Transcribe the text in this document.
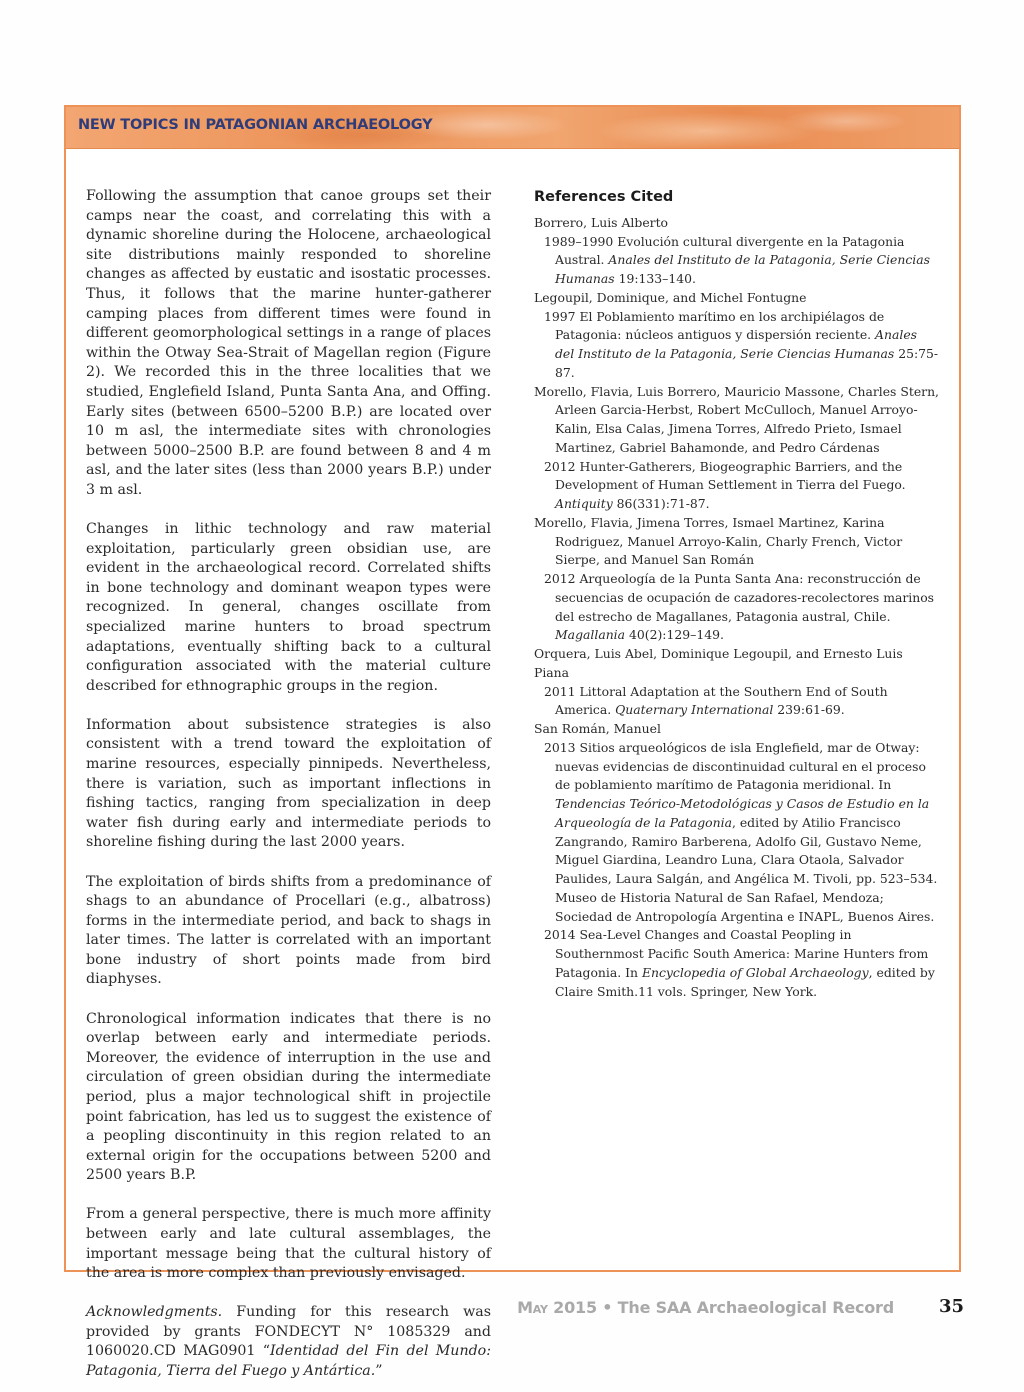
NEW TOPICS IN PATAGONIAN ARCHAEOLOGY

Following the assumption that canoe groups set their camps near the coast, and correlating this with a dynamic shoreline during the Holocene, archaeological site distributions mainly responded to shoreline changes as affected by eustatic and isostatic processes. Thus, it follows that the marine hunter-gatherer camping places from different times were found in different geomorphological settings in a range of places within the Otway Sea-Strait of Magellan region (Figure 2). We recorded this in the three localities that we studied, Englefield Island, Punta Santa Ana, and Offing. Early sites (between 6500–5200 B.P.) are located over 10 m asl, the intermediate sites with chronologies between 5000–2500 B.P. are found between 8 and 4 m asl, and the later sites (less than 2000 years B.P.) under 3 m asl.

Changes in lithic technology and raw material exploitation, particularly green obsidian use, are evident in the archaeological record. Correlated shifts in bone technology and dominant weapon types were recognized. In general, changes oscillate from specialized marine hunters to broad spectrum adaptations, eventually shifting back to a cultural configuration associated with the material culture described for ethnographic groups in the region.

Information about subsistence strategies is also consistent with a trend toward the exploitation of marine resources, especially pinnipeds. Nevertheless, there is variation, such as important inflections in fishing tactics, ranging from specialization in deep water fish during early and intermediate periods to shoreline fishing during the last 2000 years.

The exploitation of birds shifts from a predominance of shags to an abundance of Procellari (e.g., albatross) forms in the intermediate period, and back to shags in later times. The latter is correlated with an important bone industry of short points made from bird diaphyses.

Chronological information indicates that there is no overlap between early and intermediate periods. Moreover, the evidence of interruption in the use and circulation of green obsidian during the intermediate period, plus a major technological shift in projectile point fabrication, has led us to suggest the existence of a peopling discontinuity in this region related to an external origin for the occupations between 5200 and 2500 years B.P.

From a general perspective, there is much more affinity between early and late cultural assemblages, the important message being that the cultural history of the area is more complex than previously envisaged.

Acknowledgments. Funding for this research was provided by grants FONDECYT N° 1085329 and 1060020.CD MAG0901 “Identidad del Fin del Mundo: Patagonia, Tierra del Fuego y Antártica.”

References Cited
Borrero, Luis Alberto
1989–1990 Evolución cultural divergente en la Patagonia Austral. Anales del Instituto de la Patagonia, Serie Ciencias Humanas 19:133–140.
Legoupil, Dominique, and Michel Fontugne
1997 El Poblamiento marítimo en los archipiélagos de Patagonia: núcleos antiguos y dispersión reciente. Anales del Instituto de la Patagonia, Serie Ciencias Humanas 25:75-87.
Morello, Flavia, Luis Borrero, Mauricio Massone, Charles Stern, Arleen Garcia-Herbst, Robert McCulloch, Manuel Arroyo-Kalin, Elsa Calas, Jimena Torres, Alfredo Prieto, Ismael Martinez, Gabriel Bahamonde, and Pedro Cárdenas
2012 Hunter-Gatherers, Biogeographic Barriers, and the Development of Human Settlement in Tierra del Fuego. Antiquity 86(331):71-87.
Morello, Flavia, Jimena Torres, Ismael Martinez, Karina Rodriguez, Manuel Arroyo-Kalin, Charly French, Victor Sierpe, and Manuel San Román
2012 Arqueología de la Punta Santa Ana: reconstrucción de secuencias de ocupación de cazadores-recolectores marinos del estrecho de Magallanes, Patagonia austral, Chile. Magallania 40(2):129–149.
Orquera, Luis Abel, Dominique Legoupil, and Ernesto Luis Piana
2011 Littoral Adaptation at the Southern End of South America. Quaternary International 239:61-69.
San Román, Manuel
2013 Sitios arqueológicos de isla Englefield, mar de Otway: nuevas evidencias de discontinuidad cultural en el proceso de poblamiento marítimo de Patagonia meridional. In Tendencias Teórico-Metodológicas y Casos de Estudio en la Arqueología de la Patagonia, edited by Atilio Francisco Zangrando, Ramiro Barberena, Adolfo Gil, Gustavo Neme, Miguel Giardina, Leandro Luna, Clara Otaola, Salvador Paulides, Laura Salgán, and Angélica M. Tivoli, pp. 523–534. Museo de Historia Natural de San Rafael, Mendoza; Sociedad de Antropología Argentina e INAPL, Buenos Aires.
2014 Sea-Level Changes and Coastal Peopling in Southernmost Pacific South America: Marine Hunters from Patagonia. In Encyclopedia of Global Archaeology, edited by Claire Smith.11 vols. Springer, New York.
May 2015 • The SAA Archaeological Record	35
